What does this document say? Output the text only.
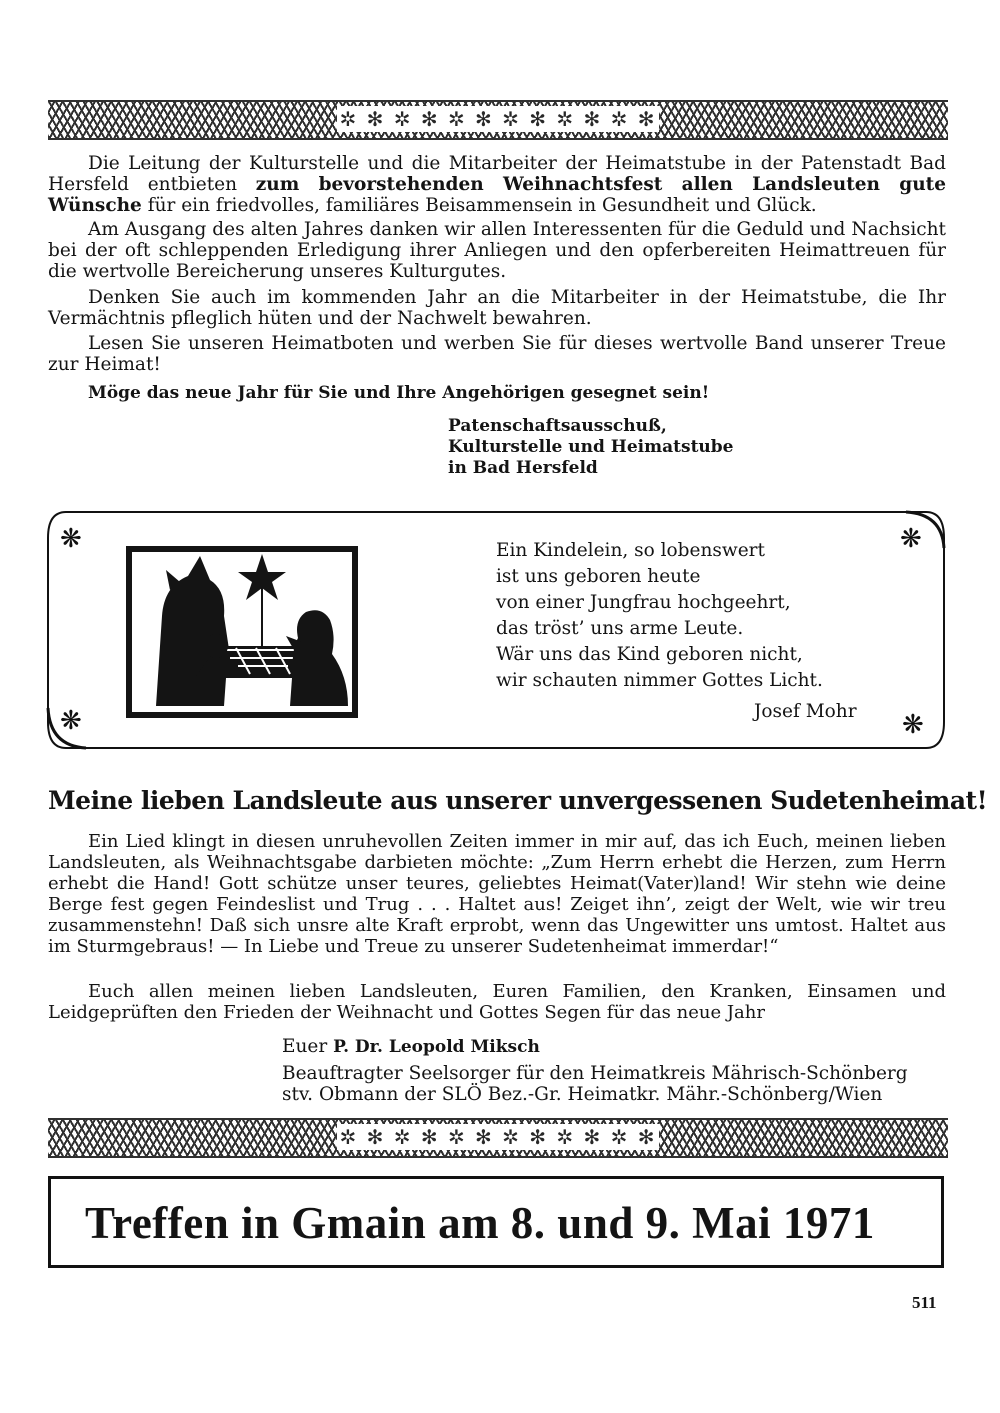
✲ ✻ ✲ ✻ ✲ ✻ ✲ ✻ ✲ ✻ ✲ ✻

Die Leitung der Kulturstelle und die Mitarbeiter der Heimatstube in der Patenstadt Bad Hersfeld entbieten zum bevorstehenden Weihnachtsfest allen Landsleuten gute Wünsche für ein friedvolles, familiäres Beisammensein in Gesundheit und Glück.

Am Ausgang des alten Jahres danken wir allen Interessenten für die Geduld und Nachsicht bei der oft schleppenden Erledigung ihrer Anliegen und den opferbereiten Heimattreuen für die wertvolle Bereicherung unseres Kulturgutes.

Denken Sie auch im kommenden Jahr an die Mitarbeiter in der Heimatstube, die Ihr Vermächtnis pfleglich hüten und der Nachwelt bewahren.

Lesen Sie unseren Heimatboten und werben Sie für dieses wertvolle Band unserer Treue zur Heimat!

Möge das neue Jahr für Sie und Ihre Angehörigen gesegnet sein!

Patenschaftsausschuß,
Kulturstelle und Heimatstube
in Bad Hersfeld
❋	❋
❋	❋
Ein Kindelein, so lobenswert
ist uns geboren heute
von einer Jungfrau hochgeehrt,
das tröst’ uns arme Leute.
Wär uns das Kind geboren nicht,
wir schauten nimmer Gottes Licht.
Josef Mohr
Meine lieben Landsleute aus unserer unvergessenen Sudetenheimat!

Ein Lied klingt in diesen unruhevollen Zeiten immer in mir auf, das ich Euch, meinen lieben Landsleuten, als Weihnachtsgabe darbieten möchte: „Zum Herrn erhebt die Herzen, zum Herrn erhebt die Hand! Gott schütze unser teures, geliebtes Heimat(Vater)land! Wir stehn wie deine Berge fest gegen Feindeslist und Trug . . . Haltet aus! Zeiget ihn’, zeigt der Welt, wie wir treu zusammenstehn! Daß sich unsre alte Kraft erprobt, wenn das Ungewitter uns umtost. Haltet aus im Sturmgebraus! — In Liebe und Treue zu unserer Sudetenheimat immerdar!“

Euch allen meinen lieben Landsleuten, Euren Familien, den Kranken, Einsamen und Leidgeprüften den Frieden der Weihnacht und Gottes Segen für das neue Jahr

Euer P. Dr. Leopold Miksch
Beauftragter Seelsorger für den Heimatkreis Mährisch-Schönberg
stv. Obmann der SLÖ Bez.-Gr. Heimatkr. Mähr.-Schönberg/Wien
✲ ✻ ✲ ✻ ✲ ✻ ✲ ✻ ✲ ✻ ✲ ✻
Treffen in Gmain am 8. und 9. Mai 1971
511
